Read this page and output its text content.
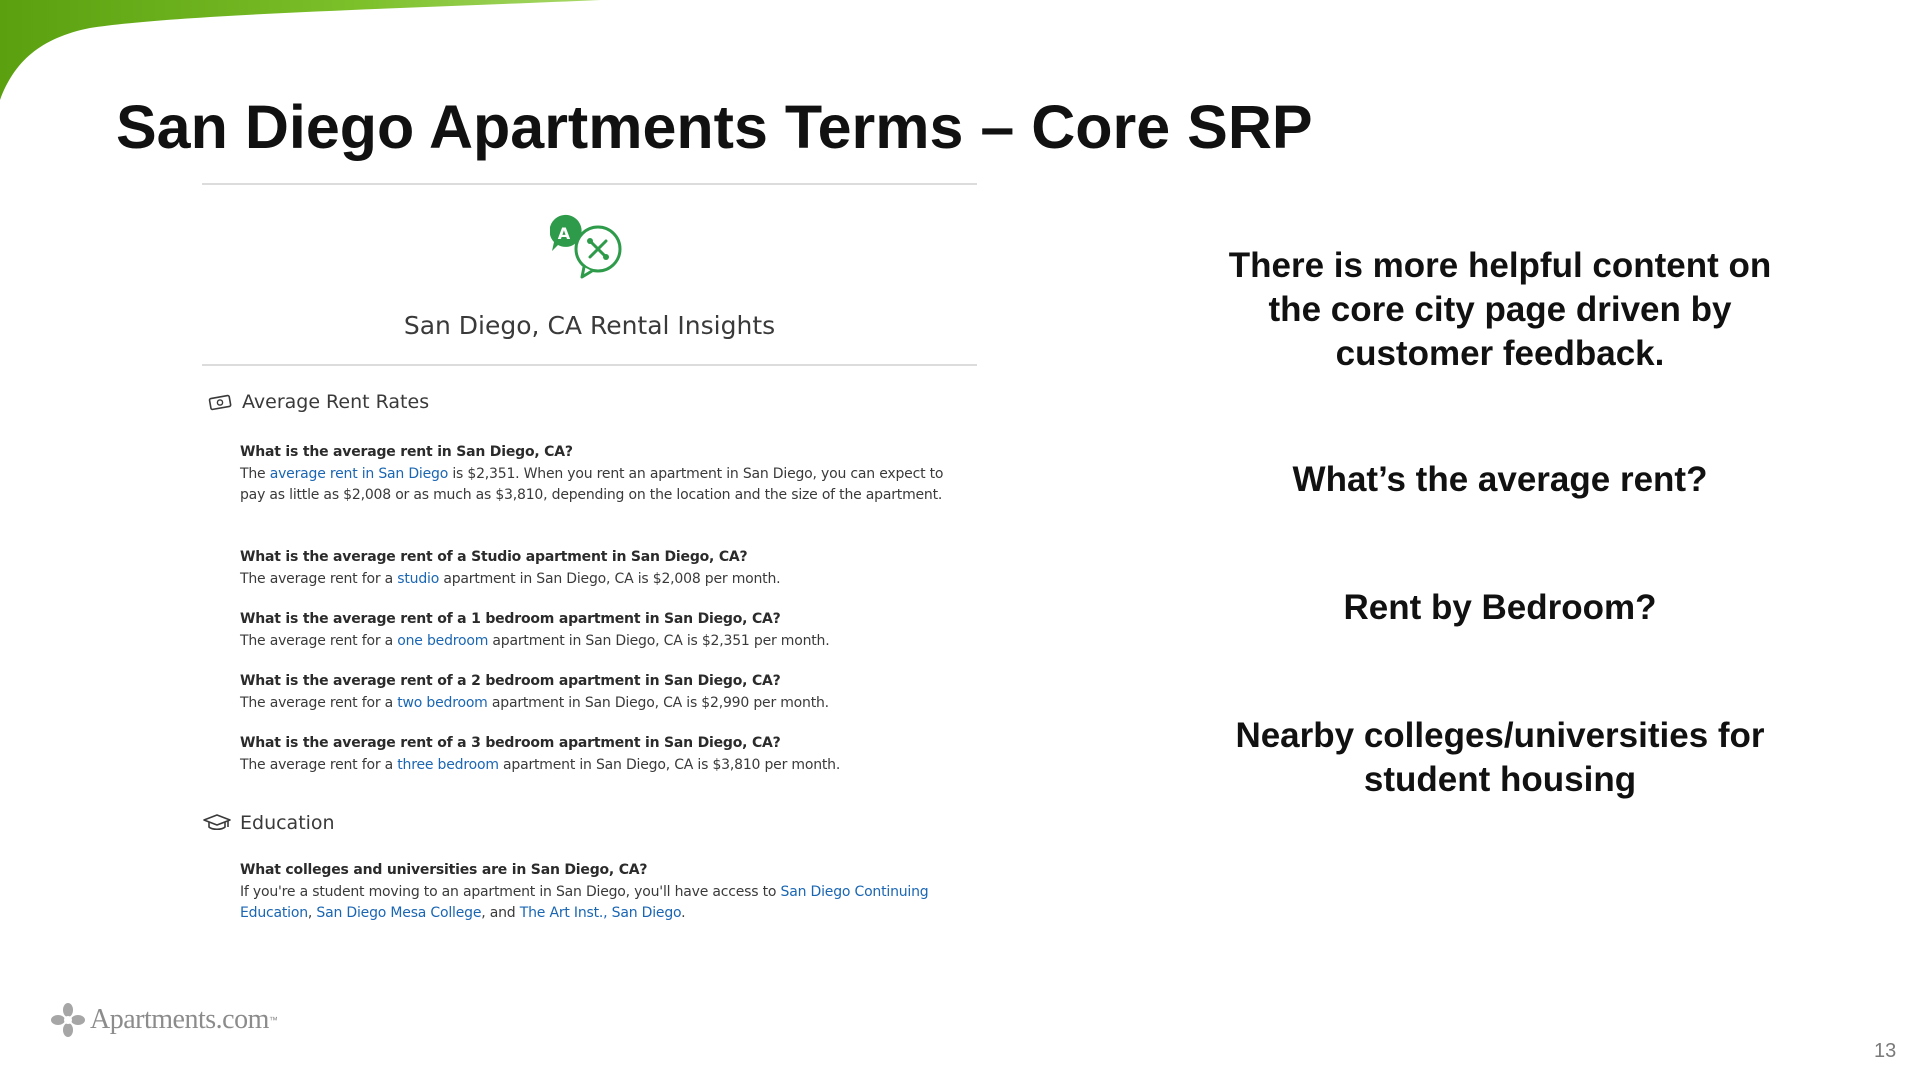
San Diego Apartments Terms – Core SRP
A
San Diego, CA Rental Insights
Average Rent Rates
What is the average rent in San Diego, CA?
The average rent in San Diego is $2,351. When you rent an apartment in San Diego, you can expect to pay as little as $2,008 or as much as $3,810, depending on the location and the size of the apartment.
What is the average rent of a Studio apartment in San Diego, CA?
The average rent for a studio apartment in San Diego, CA is $2,008 per month.
What is the average rent of a 1 bedroom apartment in San Diego, CA?
The average rent for a one bedroom apartment in San Diego, CA is $2,351 per month.
What is the average rent of a 2 bedroom apartment in San Diego, CA?
The average rent for a two bedroom apartment in San Diego, CA is $2,990 per month.
What is the average rent of a 3 bedroom apartment in San Diego, CA?
The average rent for a three bedroom apartment in San Diego, CA is $3,810 per month.
Education
What colleges and universities are in San Diego, CA?
If you're a student moving to an apartment in San Diego, you'll have access to San Diego Continuing Education, San Diego Mesa College, and The Art Inst., San Diego.
There is more helpful content on the core city page driven by customer feedback.
What’s the average rent?
Rent by Bedroom?
Nearby colleges/universities for student housing
Apartments.com ™
13
